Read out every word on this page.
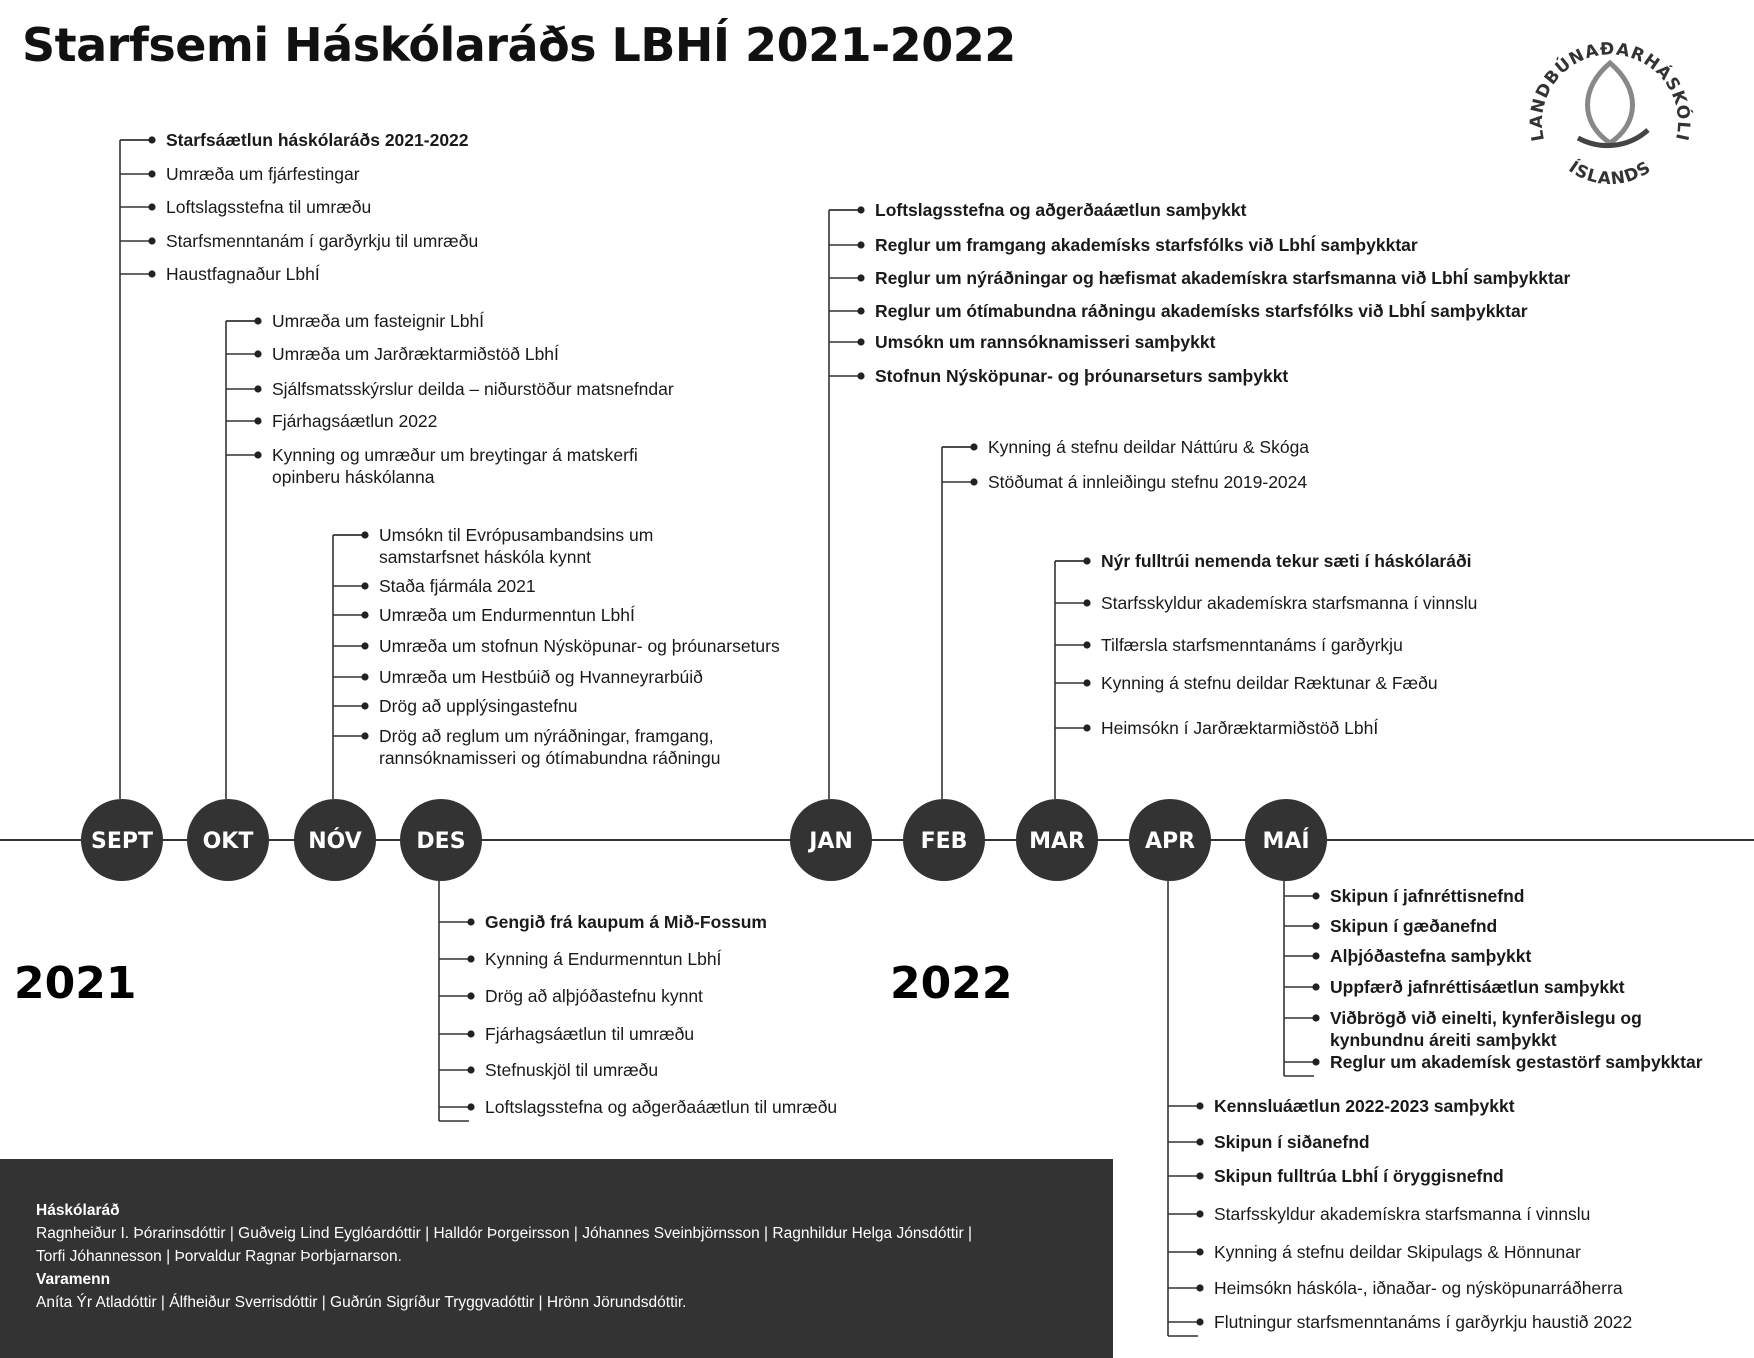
Starfsemi Háskólaráðs LBHÍ 2021-2022
2021	2022
Starfsáætlun háskólaráðs 2021-2022
Umræða um fjárfestingar
Loftslagsstefna til umræðu
Starfsmenntanám í garðyrkju til umræðu
Haustfagnaður LbhÍ
SEPT
Umræða um fasteignir LbhÍ
Umræða um Jarðræktarmiðstöð LbhÍ
Sjálfsmatsskýrslur deilda – niðurstöður matsnefndar
Fjárhagsáætlun 2022
Kynning og umræður um breytingar á matskerfi opinberu háskólanna
OKT
Umsókn til Evrópusambandsins um samstarfsnet háskóla kynnt
Staða fjármála 2021
Umræða um Endurmenntun LbhÍ
Umræða um stofnun Nýsköpunar- og þróunarseturs
Umræða um Hestbúið og Hvanneyrarbúið
Drög að upplýsingastefnu
Drög að reglum um nýráðningar, framgang, rannsóknamisseri og ótímabundna ráðningu
NÓV
Gengið frá kaupum á Mið-Fossum
Kynning á Endurmenntun LbhÍ
Drög að alþjóðastefnu kynnt
Fjárhagsáætlun til umræðu
Stefnuskjöl til umræðu
Loftslagsstefna og aðgerðaáætlun til umræðu
DES
Loftslagsstefna og aðgerðaáætlun samþykkt
Reglur um framgang akademísks starfsfólks við LbhÍ samþykktar
Reglur um nýráðningar og hæfismat akademískra starfsmanna við LbhÍ samþykktar
Reglur um ótímabundna ráðningu akademísks starfsfólks við LbhÍ samþykktar
Umsókn um rannsóknamisseri samþykkt
Stofnun Nýsköpunar- og þróunarseturs samþykkt
JAN
Kynning á stefnu deildar Náttúru & Skóga
Stöðumat á innleiðingu stefnu 2019-2024
FEB
Nýr fulltrúi nemenda tekur sæti í háskólaráði
Starfsskyldur akademískra starfsmanna í vinnslu
Tilfærsla starfsmenntanáms í garðyrkju
Kynning á stefnu deildar Ræktunar & Fæðu
Heimsókn í Jarðræktarmiðstöð LbhÍ
MAR
Kennsluáætlun 2022-2023 samþykkt
Skipun í siðanefnd
Skipun fulltrúa LbhÍ í öryggisnefnd
Starfsskyldur akademískra starfsmanna í vinnslu
Kynning á stefnu deildar Skipulags & Hönnunar
Heimsókn háskóla-, iðnaðar- og nýsköpunarráðherra
Flutningur starfsmenntanáms í garðyrkju haustið 2022
APR
Skipun í jafnréttisnefnd
Skipun í gæðanefnd
Alþjóðastefna samþykkt
Uppfærð jafnréttisáætlun samþykkt
Viðbrögð við einelti, kynferðislegu og kynbundnu áreiti samþykkt
Reglur um akademísk gestastörf samþykktar
MAÍ
LANDBÚNAÐARHÁSKÓLI
ÍSLANDS
Háskólaráð
Ragnheiður I. Þórarinsdóttir | Guðveig Lind Eyglóardóttir | Halldór Þorgeirsson | Jóhannes Sveinbjörnsson | Ragnhildur Helga Jónsdóttir |
Torfi Jóhannesson | Þorvaldur Ragnar Þorbjarnarson.
Varamenn
Aníta Ýr Atladóttir | Álfheiður Sverrisdóttir | Guðrún Sigríður Tryggvadóttir | Hrönn Jörundsdóttir.
